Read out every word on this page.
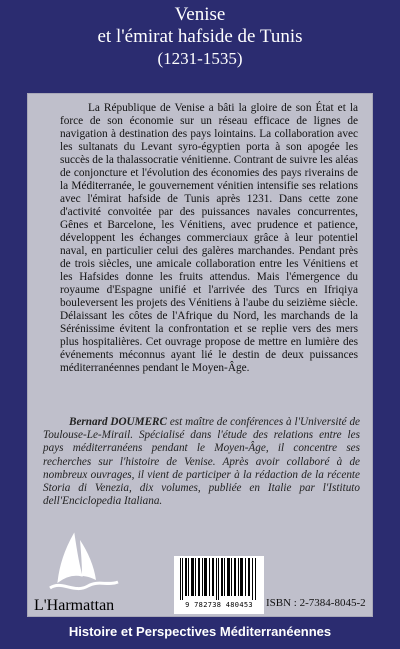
Venise
et l'émirat hafside de Tunis
(1231-1535)

La République de Venise a bâti la gloire de son État et la force de son économie sur un réseau efficace de lignes de navigation à destination des pays lointains. La collaboration avec les sultanats du Levant syro-égyptien porta à son apogée les succès de la thalassocratie vénitienne. Contrant de suivre les aléas de conjoncture et l'évolution des économies des pays riverains de la Méditerranée, le gouvernement vénitien intensifie ses relations avec l'émirat hafside de Tunis après 1231. Dans cette zone d'activité convoitée par des puissances navales concurrentes, Gênes et Barcelone, les Vénitiens, avec prudence et patience, développent les échanges commerciaux grâce à leur potentiel naval, en particulier celui des galères marchandes. Pendant près de trois siècles, une amicale collaboration entre les Vénitiens et les Hafsides donne les fruits attendus. Mais l'émergence du royaume d'Espagne unifié et l'arrivée des Turcs en Ifriqiya bouleversent les projets des Vénitiens à l'aube du seizième siècle. Délaissant les côtes de l'Afrique du Nord, les marchands de la Sérénissime évitent la confrontation et se replie vers des mers plus hospitalières. Cet ouvrage propose de mettre en lumière des événements méconnus ayant lié le destin de deux puissances méditerranéennes pendant le Moyen-Âge.

Bernard DOUMERC est maître de conférences à l'Université de Toulouse-Le-Mirail. Spécialisé dans l'étude des relations entre les pays méditerranéens pendant le Moyen-Âge, il concentre ses recherches sur l'histoire de Venise. Après avoir collaboré à de nombreux ouvrages, il vient de participer à la rédaction de la récente Storia di Venezia, dix volumes, publiée en Italie par l'Istituto dell'Enciclopedia Italiana.

L'Harmattan	9 782738 480453	ISBN : 2-7384-8045-2
Histoire et Perspectives Méditerranéennes
